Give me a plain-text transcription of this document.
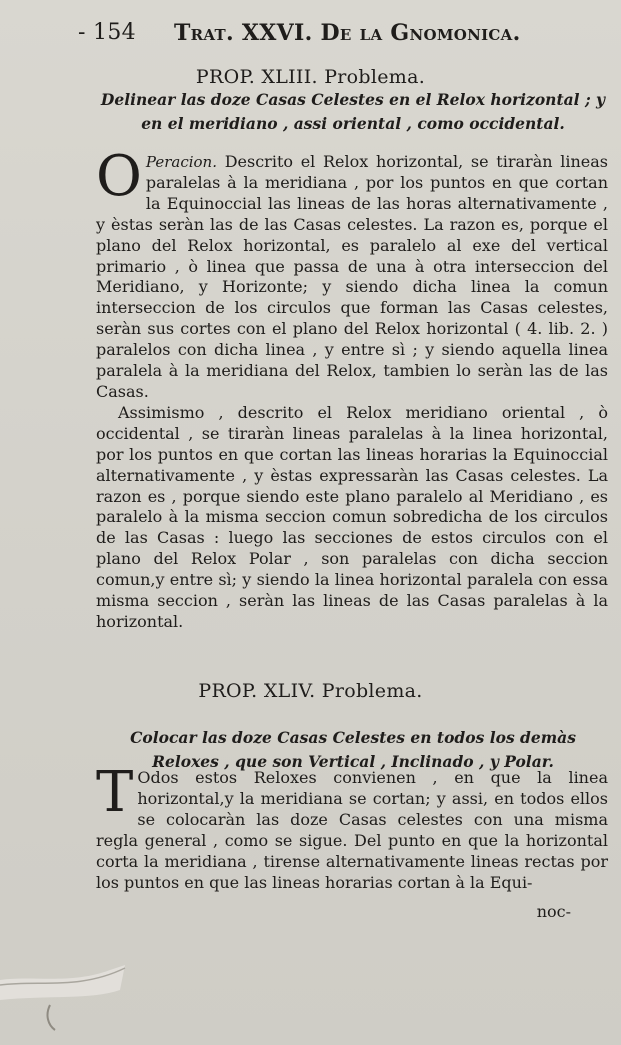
- 154 Trat. XXVI. De la Gnomonica.
PROP. XLIII. Problema.
Delinear las doze Casas Celestes en el Relox horizontal ; y en el meridiano , assi oriental , como occidental.

O Peracion. Descrito el Relox horizontal, se tiraràn lineas paralelas à la meridiana , por los puntos en que cortan la Equinoccial las lineas de las horas alternativamente , y èstas seràn las de las Casas celestes. La razon es, porque el plano del Relox horizontal, es paralelo al exe del vertical primario , ò linea que passa de una à otra interseccion del Meridiano, y Horizonte; y siendo dicha linea la comun interseccion de los circulos que forman las Casas celestes, seràn sus cortes con el plano del Relox horizontal ( 4. lib. 2. ) paralelos con dicha linea , y entre sì ; y siendo aquella linea paralela à la meridiana del Relox, tambien lo seràn las de las Casas.

Assimismo , descrito el Relox meridiano oriental , ò occidental , se tiraràn lineas paralelas à la linea horizontal, por los puntos en que cortan las lineas horarias la Equinoccial alternativamente , y èstas expressaràn las Casas celestes. La razon es , porque siendo este plano paralelo al Meridiano , es paralelo à la misma seccion comun sobredicha de los circulos de las Casas : luego las secciones de estos circulos con el plano del Relox Polar , son paralelas con dicha seccion comun,y entre sì; y siendo la linea horizontal paralela con essa misma seccion , seràn las lineas de las Casas paralelas à la horizontal.

PROP. XLIV. Problema.
Colocar las doze Casas Celestes en todos los demàs Reloxes , que son Vertical , Inclinado , y Polar.

T Odos estos Reloxes convienen , en que la linea horizontal,y la meridiana se cortan; y assi, en todos ellos se colocaràn las doze Casas celestes con una misma regla general , como se sigue. Del punto en que la horizontal corta la meridiana , tirense alternativamente lineas rectas por los puntos en que las lineas horarias cortan à la Equi-

noc-
